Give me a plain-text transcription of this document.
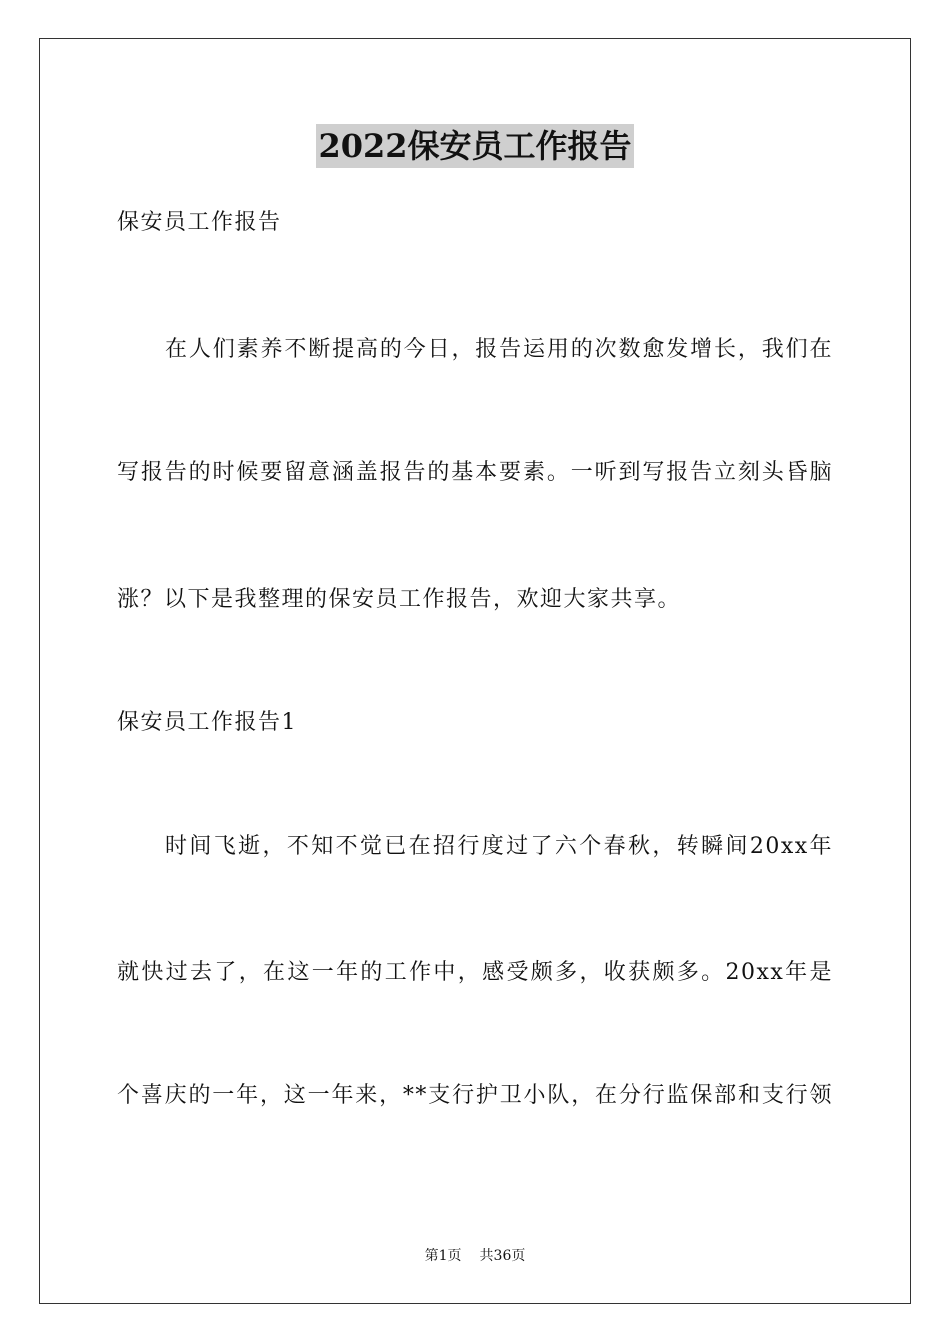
2022保安员工作报告
保安员工作报告
在人们素养不断提高的今日，报告运用的次数愈发增长，我们在
写报告的时候要留意涵盖报告的基本要素。一听到写报告立刻头昏脑
涨？以下是我整理的保安员工作报告，欢迎大家共享。
保安员工作报告1
时间飞逝，不知不觉已在招行度过了六个春秋，转瞬间20xx年
就快过去了，在这一年的工作中，感受颇多，收获颇多。20xx年是
个喜庆的一年，这一年来，**支行护卫小队，在分行监保部和支行领
第1页 共36页
